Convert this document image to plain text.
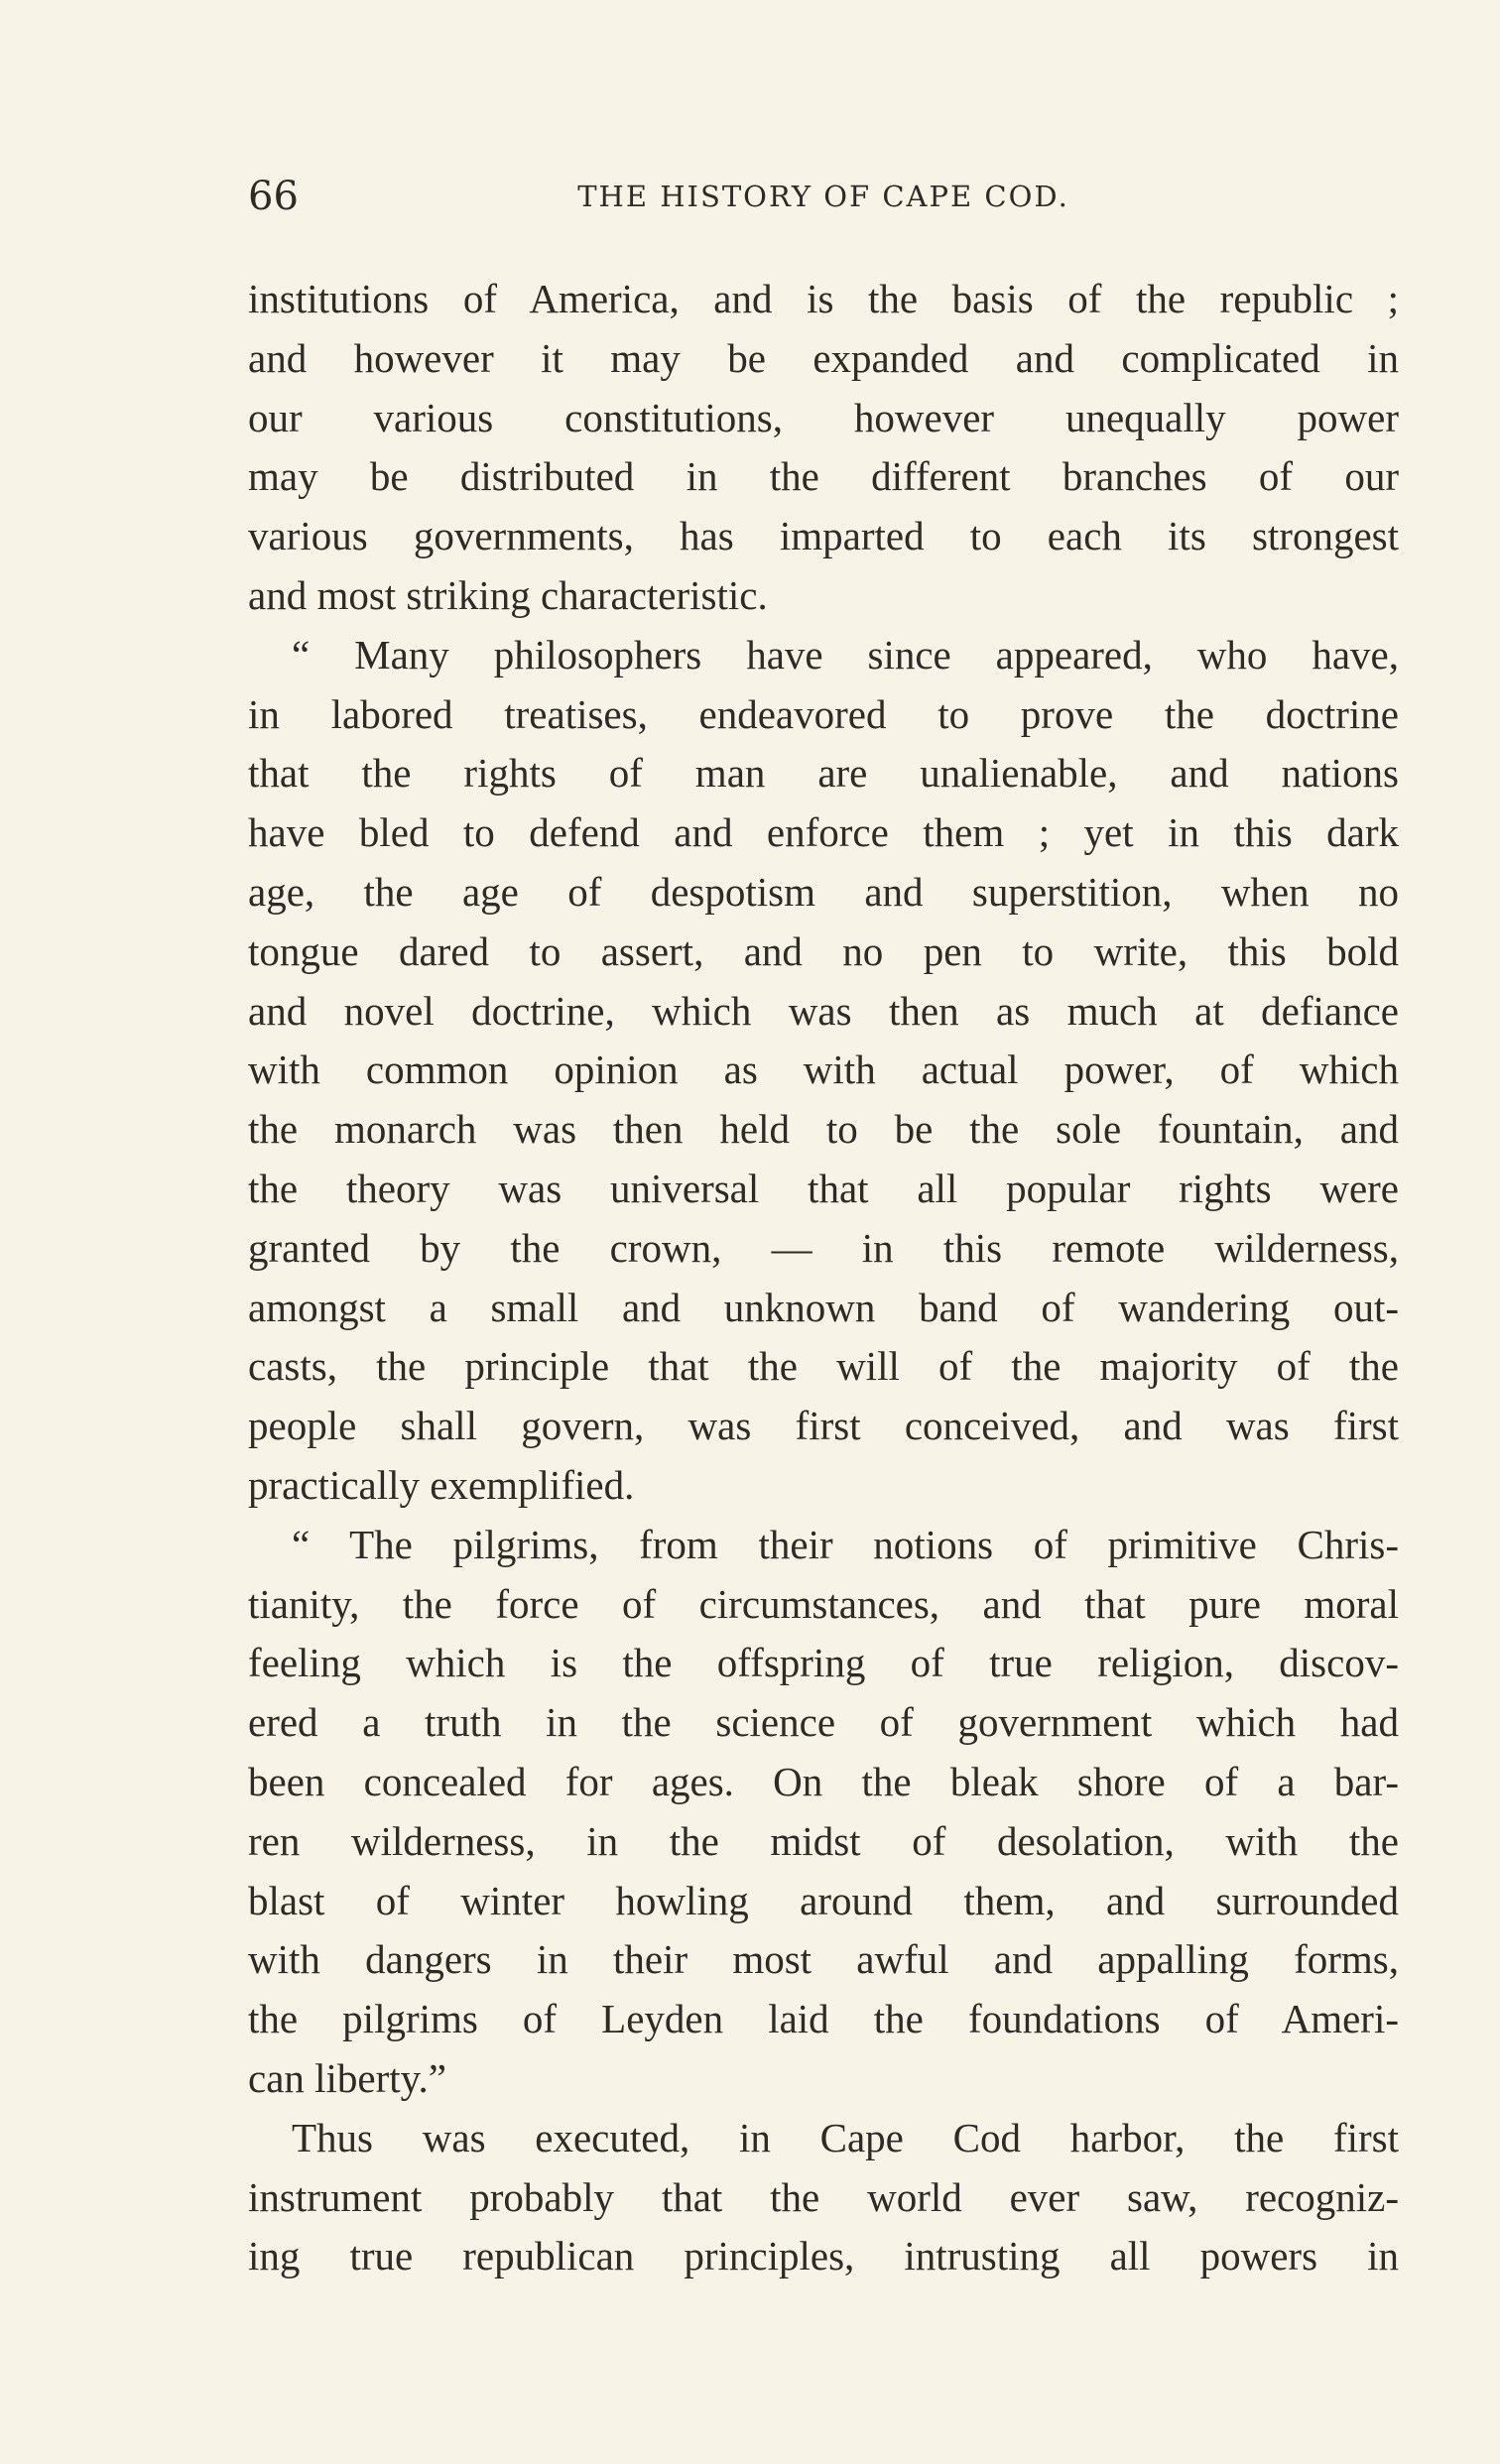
66	THE HISTORY OF CAPE COD.
institutions of America, and is the basis of the republic ;
and however it may be expanded and complicated in
our various constitutions, however unequally power
may be distributed in the different branches of our
various governments, has imparted to each its strongest
and most striking characteristic.
“ Many philosophers have since appeared, who have,
in labored treatises, endeavored to prove the doctrine
that the rights of man are unalienable, and nations
have bled to defend and enforce them ; yet in this dark
age, the age of despotism and superstition, when no
tongue dared to assert, and no pen to write, this bold
and novel doctrine, which was then as much at defiance
with common opinion as with actual power, of which
the monarch was then held to be the sole fountain, and
the theory was universal that all popular rights were
granted by the crown, — in this remote wilderness,
amongst a small and unknown band of wandering out-
casts, the principle that the will of the majority of the
people shall govern, was first conceived, and was first
practically exemplified.
“ The pilgrims, from their notions of primitive Chris-
tianity, the force of circumstances, and that pure moral
feeling which is the offspring of true religion, discov-
ered a truth in the science of government which had
been concealed for ages. On the bleak shore of a bar-
ren wilderness, in the midst of desolation, with the
blast of winter howling around them, and surrounded
with dangers in their most awful and appalling forms,
the pilgrims of Leyden laid the foundations of Ameri-
can liberty.”
Thus was executed, in Cape Cod harbor, the first
instrument probably that the world ever saw, recogniz-
ing true republican principles, intrusting all powers in
